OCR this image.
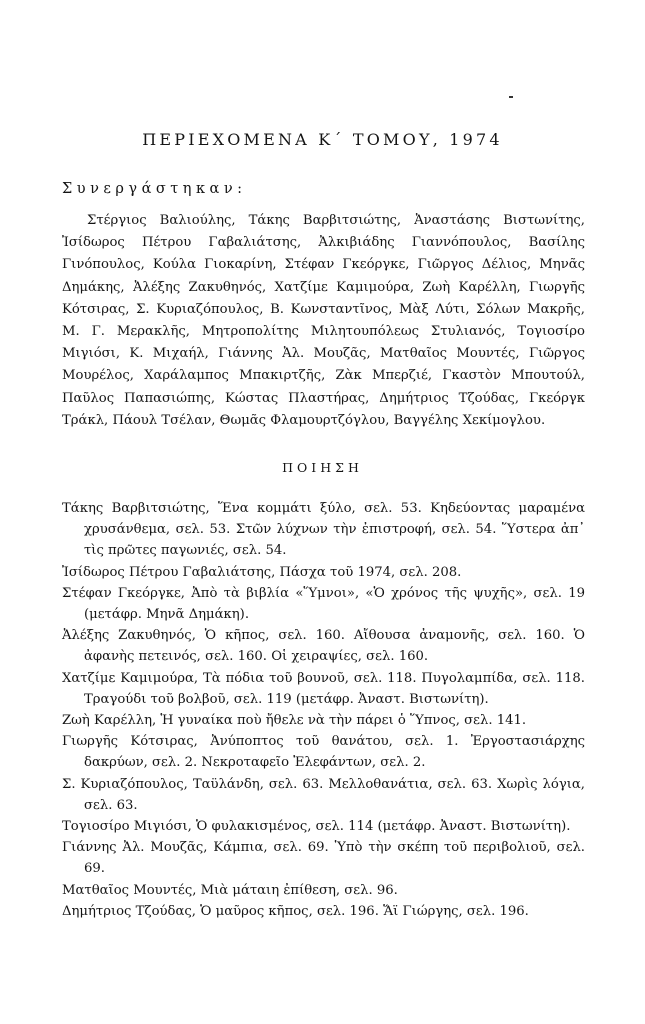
ΠΕΡΙΕΧΟΜΕΝΑ Κ΄ ΤΟΜΟΥ, 1974
Συνεργάστηκαν:

Στέργιος Βαλιούλης, Τάκης Βαρβιτσιώτης, Ἀναστάσης Βιστωνίτης, Ἰσίδωρος Πέτρου Γαβαλιάτσης, Ἀλκιβιάδης Γιαννόπουλος, Βασίλης Γινόπουλος, Κούλα Γιοκαρίνη, Στέφαν Γκεόργκε, Γιῶργος Δέλιος, Μηνᾶς Δημάκης, Ἀλέξης Ζακυθηνός, Χατζίμε Καμιμούρα, Ζωὴ Καρέλλη, Γιωργῆς Κότσιρας, Σ. Κυριαζόπουλος, Β. Κωνσταντῖνος, Μὰξ Λύτι, Σόλων Μακρῆς, Μ. Γ. Μερακλῆς, Μητροπολίτης Μιλητουπόλεως Στυλιανός, Τογιοσίρο Μιγιόσι, Κ. Μιχαήλ, Γιάννης Ἀλ. Μουζᾶς, Ματθαῖος Μουντές, Γιῶργος Μουρέλος, Χαράλαμπος Μπακιρτζῆς, Ζὰκ Μπερζιέ, Γκαστὸν Μπουτούλ, Παῦλος Παπασιώπης, Κώστας Πλαστήρας, Δημήτριος Τζούδας, Γκεόργκ Τράκλ, Πάουλ Τσέλαν, Θωμᾶς Φλαμουρτζόγλου, Βαγγέλης Χεκίμογλου.

ΠΟΙΗΣΗ
Τάκης Βαρβιτσιώτης, Ἕνα κομμάτι ξύλο, σελ. 53. Κηδεύοντας μαραμένα χρυσάνθεμα, σελ. 53. Στῶν λύχνων τὴν ἐπιστροφή, σελ. 54. Ὕστερα ἀπ᾿ τὶς πρῶτες παγωνιές, σελ. 54.
Ἰσίδωρος Πέτρου Γαβαλιάτσης, Πάσχα τοῦ 1974, σελ. 208.
Στέφαν Γκεόργκε, Ἀπὸ τὰ βιβλία «Ὕμνοι», «Ὁ χρόνος τῆς ψυχῆς», σελ. 19 (μετάφρ. Μηνᾶ Δημάκη).
Ἀλέξης Ζακυθηνός, Ὁ κῆπος, σελ. 160. Αἴθουσα ἀναμονῆς, σελ. 160. Ὁ ἀφανὴς πετεινός, σελ. 160. Οἱ χειραψίες, σελ. 160.
Χατζίμε Καμιμούρα, Τὰ πόδια τοῦ βουνοῦ, σελ. 118. Πυγολαμπίδα, σελ. 118. Τραγούδι τοῦ βολβοῦ, σελ. 119 (μετάφρ. Ἀναστ. Βιστωνίτη).
Ζωὴ Καρέλλη, Ἡ γυναίκα ποὺ ἤθελε νὰ τὴν πάρει ὁ Ὕπνος, σελ. 141.
Γιωργῆς Κότσιρας, Ἀνύποπτος τοῦ θανάτου, σελ. 1. Ἐργοστασιάρχης δακρύων, σελ. 2. Νεκροταφεῖο Ἐλεφάντων, σελ. 2.
Σ. Κυριαζόπουλος, Ταϋλάνδη, σελ. 63. Μελλοθανάτια, σελ. 63. Χωρὶς λόγια, σελ. 63.
Τογιοσίρο Μιγιόσι, Ὁ φυλακισμένος, σελ. 114 (μετάφρ. Ἀναστ. Βιστωνίτη).
Γιάννης Ἀλ. Μουζᾶς, Κάμπια, σελ. 69. Ὑπὸ τὴν σκέπη τοῦ περιβολιοῦ, σελ. 69.
Ματθαῖος Μουντές, Μιὰ μάταιη ἐπίθεση, σελ. 96.
Δημήτριος Τζούδας, Ὁ μαῦρος κῆπος, σελ. 196. Ἅϊ Γιώργης, σελ. 196.
